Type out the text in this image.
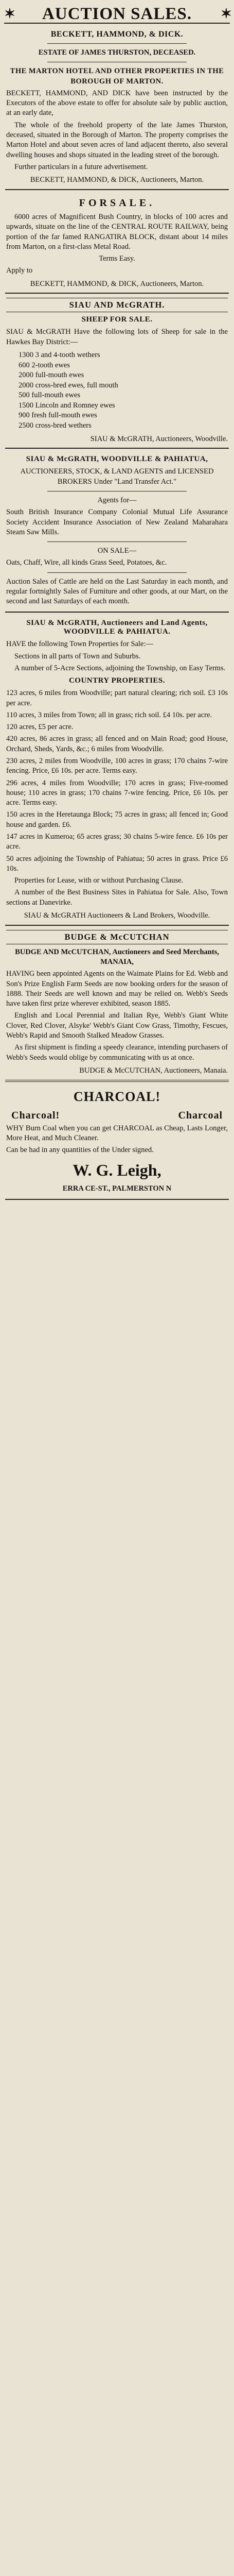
✶ AUCTION SALES. ✶
BECKETT, HAMMOND, & DICK.
ESTATE OF JAMES THURSTON, DECEASED.
THE MARTON HOTEL AND OTHER PROPERTIES IN THE BOROUGH OF MARTON.
BECKETT, HAMMOND, AND DICK have been instructed by the Executors of the above estate to offer for absolute sale by public auction, at an early date,
The whole of the freehold property of the late James Thurston, deceased, situated in the Borough of Marton. The property comprises the Marton Hotel and about seven acres of land adjacent thereto, also several dwelling houses and shops situated in the leading street of the borough.
Further particulars in a future advertisement.
BECKETT, HAMMOND, & DICK, Auctioneers, Marton.
FORSALE.
6000 acres of Magnificent Bush Country, in blocks of 100 acres and upwards, situate on the line of the CENTRAL ROUTE RAILWAY, being portion of the far famed RANGATIRA BLOCK, distant about 14 miles from Marton, on a first-class Metal Road.
Terms Easy.
Apply to
BECKETT, HAMMOND, & DICK, Auctioneers, Marton.
SIAU AND McGRATH.
SHEEP FOR SALE.
SIAU & McGRATH Have the following lots of Sheep for sale in the Hawkes Bay District:—
1300 3 and 4-tooth wethers
600 2-tooth ewes
2000 full-mouth ewes
2000 cross-bred ewes, full mouth
500 full-mouth ewes
1500 Lincoln and Romney ewes
900 fresh full-mouth ewes
2500 cross-bred wethers
SIAU & McGRATH, Auctioneers, Woodville.
SIAU & McGRATH, WOODVILLE & PAHIATUA,
AUCTIONEERS, STOCK, & LAND AGENTS and LICENSED BROKERS Under "Land Transfer Act."
Agents for—
South British Insurance Company Colonial Mutual Life Assurance Society Accident Insurance Association of New Zealand Maharahara Steam Saw Mills.
ON SALE—
Oats, Chaff, Wire, all kinds Grass Seed, Potatoes, &c.
Auction Sales of Cattle are held on the Last Saturday in each month, and regular fortnightly Sales of Furniture and other goods, at our Mart, on the second and last Saturdays of each month.
SIAU & McGRATH, Auctioneers and Land Agents, WOODVILLE & PAHIATUA.
HAVE the following Town Properties for Sale:—
Sections in all parts of Town and Suburbs.
A number of 5-Acre Sections, adjoining the Township, on Easy Terms.
COUNTRY PROPERTIES.
123 acres, 6 miles from Woodville; part natural clearing; rich soil. £3 10s per acre.
110 acres, 3 miles from Town; all in grass; rich soil. £4 10s. per acre.
120 acres, £5 per acre.
420 acres, 86 acres in grass; all fenced and on Main Road; good House, Orchard, Sheds, Yards, &c.; 6 miles from Woodville.
230 acres, 2 miles from Woodville, 100 acres in grass; 170 chains 7-wire fencing. Price, £6 10s. per acre. Terms easy.
296 acres, 4 miles from Woodville; 170 acres in grass; Five-roomed house; 110 acres in grass; 170 chains 7-wire fencing. Price, £6 10s. per acre. Terms easy.
150 acres in the Heretaunga Block; 75 acres in grass; all fenced in; Good house and garden. £6.
147 acres in Kumeroa; 65 acres grass; 30 chains 5-wire fence. £6 10s per acre.
50 acres adjoining the Township of Pahiatua; 50 acres in grass. Price £6 10s.
Properties for Lease, with or without Purchasing Clause.
A number of the Best Business Sites in Pahiatua for Sale. Also, Town sections at Danevirke.
SIAU & McGRATH Auctioneers & Land Brokers, Woodville.
BUDGE & McCUTCHAN
BUDGE AND McCUTCHAN, Auctioneers and Seed Merchants, MANAIA,
HAVING been appointed Agents on the Waimate Plains for Ed. Webb and Son's Prize English Farm Seeds are now booking orders for the season of 1888. Their Seeds are well known and may be relied on. Webb's Seeds have taken first prize wherever exhibited, season 1885.
English and Local Perennial and Italian Rye, Webb's Giant White Clover, Red Clover, Alsyke' Webb's Giant Cow Grass, Timothy, Fescues, Webb's Rapid and Smooth Stalked Meadow Grasses.
As first shipment is finding a speedy clearance, intending purchasers of Webb's Seeds would oblige by communicating with us at once.
BUDGE & McCUTCHAN, Auctioneers, Manaia.
CHARCOAL!
Charcoal!	Charcoal
WHY Burn Coal when you can get CHARCOAL as Cheap, Lasts Longer, More Heat, and Much Cleaner.
Can be had in any quantities of the Under signed.
W. G. Leigh,
ERRA CE-ST., PALMERSTON N
